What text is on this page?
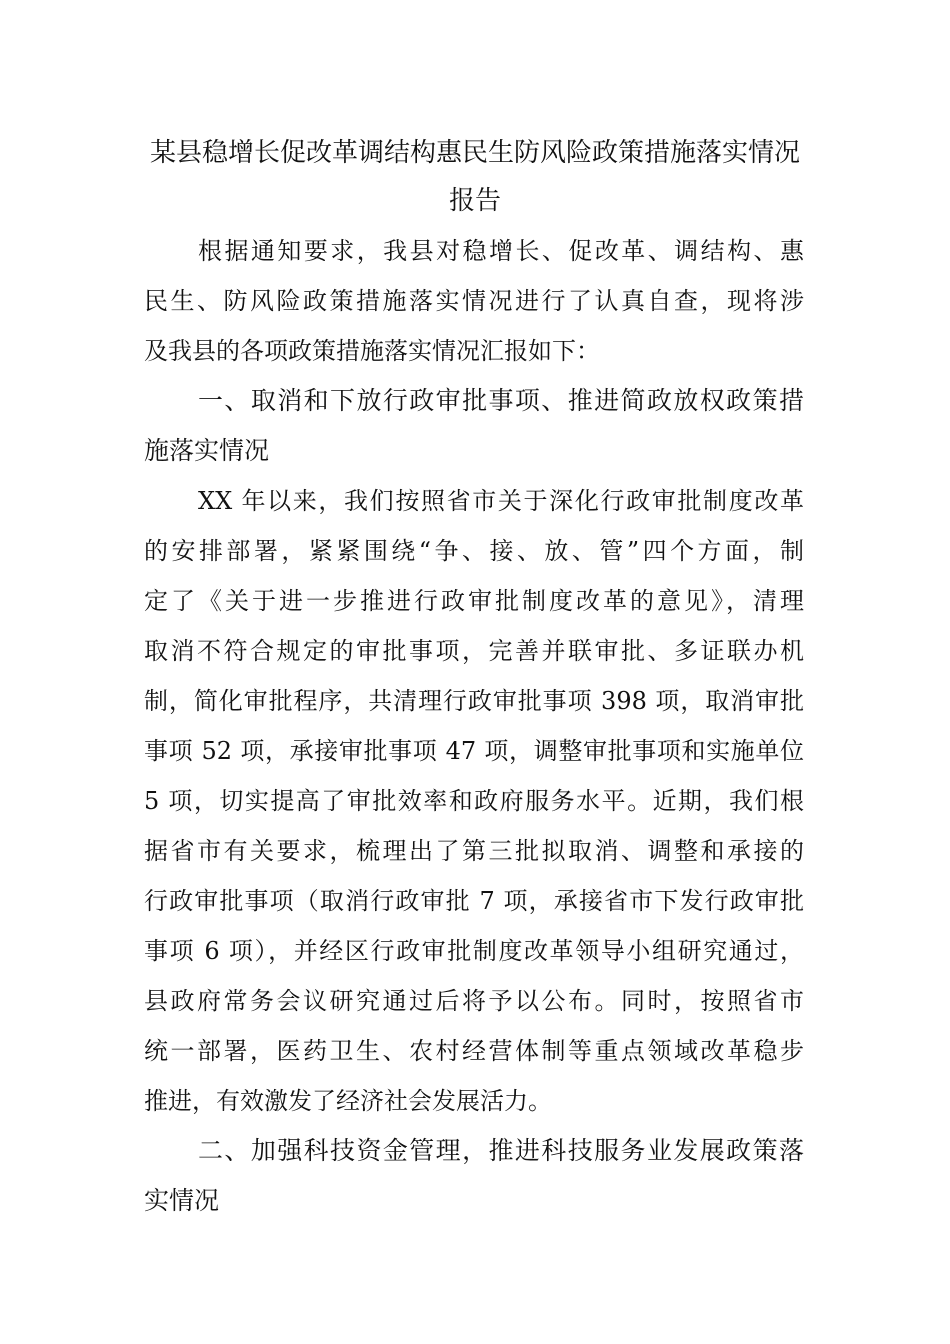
某县稳增长促改革调结构惠民生防风险政策措施落实情况
报告
根据通知要求，我县对稳增长、促改革、调结构、惠
民生、防风险政策措施落实情况进行了认真自查，现将涉
及我县的各项政策措施落实情况汇报如下：
一、取消和下放行政审批事项、推进简政放权政策措
施落实情况
XX 年以来，我们按照省市关于深化行政审批制度改革
的安排部署，紧紧围绕“争、接、放、管”四个方面，制
定了《关于进一步推进行政审批制度改革的意见》，清理
取消不符合规定的审批事项，完善并联审批、多证联办机
制，简化审批程序，共清理行政审批事项 398 项，取消审批
事项 52 项，承接审批事项 47 项，调整审批事项和实施单位
5 项，切实提高了审批效率和政府服务水平。近期，我们根
据省市有关要求，梳理出了第三批拟取消、调整和承接的
行政审批事项（取消行政审批 7 项，承接省市下发行政审批
事项 6 项），并经区行政审批制度改革领导小组研究通过，
县政府常务会议研究通过后将予以公布。同时，按照省市
统一部署，医药卫生、农村经营体制等重点领域改革稳步
推进，有效激发了经济社会发展活力。
二、加强科技资金管理，推进科技服务业发展政策落
实情况
